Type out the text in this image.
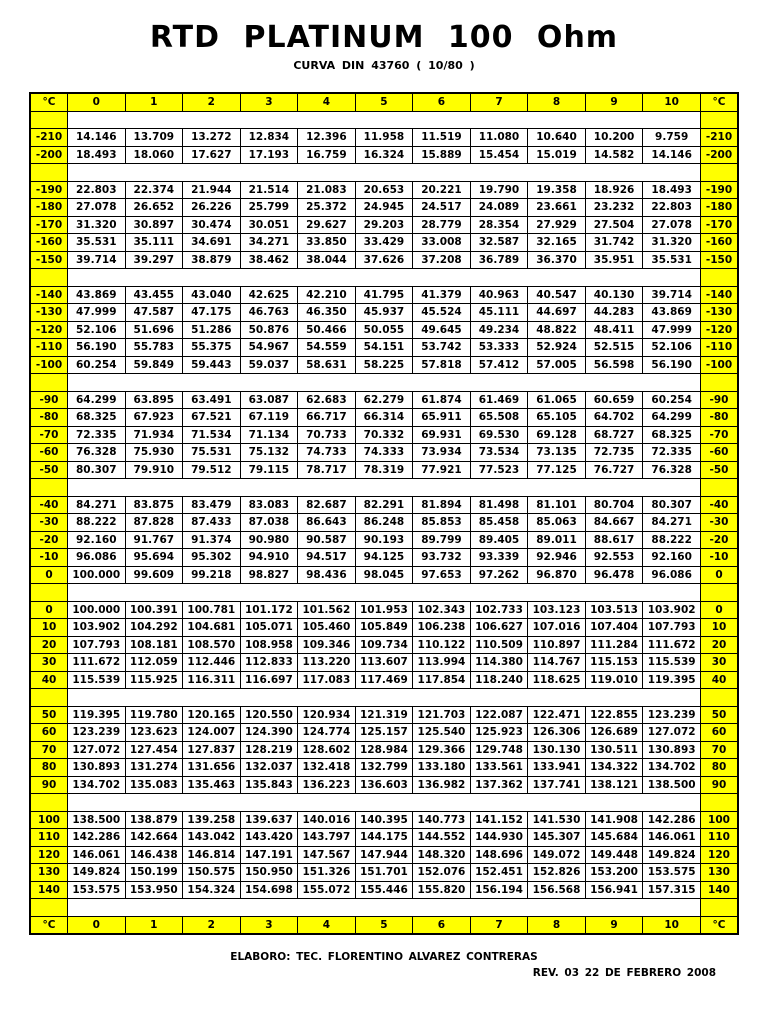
RTD PLATINUM 100 Ohm
CURVA DIN 43760 ( 10/80 )
°C	0	1	2	3	4	5	6	7	8	9	10	°C

-210	14.146	13.709	13.272	12.834	12.396	11.958	11.519	11.080	10.640	10.200	9.759	-210
-200	18.493	18.060	17.627	17.193	16.759	16.324	15.889	15.454	15.019	14.582	14.146	-200

-190	22.803	22.374	21.944	21.514	21.083	20.653	20.221	19.790	19.358	18.926	18.493	-190
-180	27.078	26.652	26.226	25.799	25.372	24.945	24.517	24.089	23.661	23.232	22.803	-180
-170	31.320	30.897	30.474	30.051	29.627	29.203	28.779	28.354	27.929	27.504	27.078	-170
-160	35.531	35.111	34.691	34.271	33.850	33.429	33.008	32.587	32.165	31.742	31.320	-160
-150	39.714	39.297	38.879	38.462	38.044	37.626	37.208	36.789	36.370	35.951	35.531	-150

-140	43.869	43.455	43.040	42.625	42.210	41.795	41.379	40.963	40.547	40.130	39.714	-140
-130	47.999	47.587	47.175	46.763	46.350	45.937	45.524	45.111	44.697	44.283	43.869	-130
-120	52.106	51.696	51.286	50.876	50.466	50.055	49.645	49.234	48.822	48.411	47.999	-120
-110	56.190	55.783	55.375	54.967	54.559	54.151	53.742	53.333	52.924	52.515	52.106	-110
-100	60.254	59.849	59.443	59.037	58.631	58.225	57.818	57.412	57.005	56.598	56.190	-100

-90	64.299	63.895	63.491	63.087	62.683	62.279	61.874	61.469	61.065	60.659	60.254	-90
-80	68.325	67.923	67.521	67.119	66.717	66.314	65.911	65.508	65.105	64.702	64.299	-80
-70	72.335	71.934	71.534	71.134	70.733	70.332	69.931	69.530	69.128	68.727	68.325	-70
-60	76.328	75.930	75.531	75.132	74.733	74.333	73.934	73.534	73.135	72.735	72.335	-60
-50	80.307	79.910	79.512	79.115	78.717	78.319	77.921	77.523	77.125	76.727	76.328	-50

-40	84.271	83.875	83.479	83.083	82.687	82.291	81.894	81.498	81.101	80.704	80.307	-40
-30	88.222	87.828	87.433	87.038	86.643	86.248	85.853	85.458	85.063	84.667	84.271	-30
-20	92.160	91.767	91.374	90.980	90.587	90.193	89.799	89.405	89.011	88.617	88.222	-20
-10	96.086	95.694	95.302	94.910	94.517	94.125	93.732	93.339	92.946	92.553	92.160	-10
0	100.000	99.609	99.218	98.827	98.436	98.045	97.653	97.262	96.870	96.478	96.086	0

0	100.000	100.391	100.781	101.172	101.562	101.953	102.343	102.733	103.123	103.513	103.902	0
10	103.902	104.292	104.681	105.071	105.460	105.849	106.238	106.627	107.016	107.404	107.793	10
20	107.793	108.181	108.570	108.958	109.346	109.734	110.122	110.509	110.897	111.284	111.672	20
30	111.672	112.059	112.446	112.833	113.220	113.607	113.994	114.380	114.767	115.153	115.539	30
40	115.539	115.925	116.311	116.697	117.083	117.469	117.854	118.240	118.625	119.010	119.395	40

50	119.395	119.780	120.165	120.550	120.934	121.319	121.703	122.087	122.471	122.855	123.239	50
60	123.239	123.623	124.007	124.390	124.774	125.157	125.540	125.923	126.306	126.689	127.072	60
70	127.072	127.454	127.837	128.219	128.602	128.984	129.366	129.748	130.130	130.511	130.893	70
80	130.893	131.274	131.656	132.037	132.418	132.799	133.180	133.561	133.941	134.322	134.702	80
90	134.702	135.083	135.463	135.843	136.223	136.603	136.982	137.362	137.741	138.121	138.500	90

100	138.500	138.879	139.258	139.637	140.016	140.395	140.773	141.152	141.530	141.908	142.286	100
110	142.286	142.664	143.042	143.420	143.797	144.175	144.552	144.930	145.307	145.684	146.061	110
120	146.061	146.438	146.814	147.191	147.567	147.944	148.320	148.696	149.072	149.448	149.824	120
130	149.824	150.199	150.575	150.950	151.326	151.701	152.076	152.451	152.826	153.200	153.575	130
140	153.575	153.950	154.324	154.698	155.072	155.446	155.820	156.194	156.568	156.941	157.315	140

°C	0	1	2	3	4	5	6	7	8	9	10	°C
ELABORO: TEC. FLORENTINO ALVAREZ CONTRERAS
REV. 03 22 DE FEBRERO 2008
